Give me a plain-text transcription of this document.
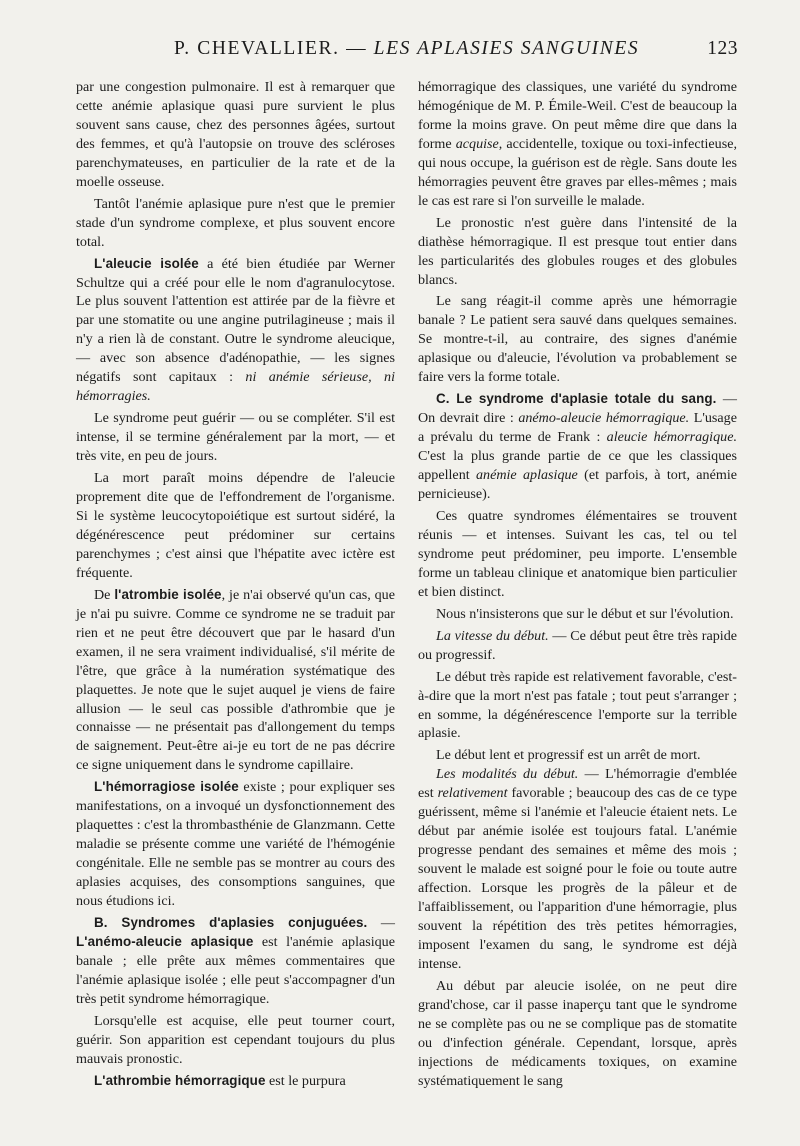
P. CHEVALLIER. — LES APLASIES SANGUINES	123

par une congestion pulmonaire. Il est à remarquer que cette anémie aplasique quasi pure survient le plus souvent sans cause, chez des personnes âgées, surtout des femmes, et qu'à l'autopsie on trouve des scléroses parenchymateuses, en particulier de la rate et de la moelle osseuse.

Tantôt l'anémie aplasique pure n'est que le premier stade d'un syndrome complexe, et plus souvent encore total.

L'aleucie isolée a été bien étudiée par Werner Schultze qui a créé pour elle le nom d'agranulocytose. Le plus souvent l'attention est attirée par de la fièvre et par une stomatite ou une angine putrilagineuse ; mais il n'y a rien là de constant. Outre le syndrome aleucique, — avec son absence d'adénopathie, — les signes négatifs sont capitaux : ni anémie sérieuse, ni hémorragies.

Le syndrome peut guérir — ou se compléter. S'il est intense, il se termine généralement par la mort, — et très vite, en peu de jours.

La mort paraît moins dépendre de l'aleucie proprement dite que de l'effondrement de l'organisme. Si le système leucocytopoiétique est surtout sidéré, la dégénérescence peut prédominer sur certains parenchymes ; c'est ainsi que l'hépatite avec ictère est fréquente.

De l'atrombie isolée, je n'ai observé qu'un cas, que je n'ai pu suivre. Comme ce syndrome ne se traduit par rien et ne peut être découvert que par le hasard d'un examen, il ne sera vraiment individualisé, s'il mérite de l'être, que grâce à la numération systématique des plaquettes. Je note que le sujet auquel je viens de faire allusion — le seul cas possible d'athrombie que je connaisse — ne présentait pas d'allongement du temps de saignement. Peut-être ai-je eu tort de ne pas décrire ce signe uniquement dans le syndrome capillaire.

L'hémorragiose isolée existe ; pour expliquer ses manifestations, on a invoqué un dysfonctionnement des plaquettes : c'est la thrombasthénie de Glanzmann. Cette maladie se présente comme une variété de l'hémogénie congénitale. Elle ne semble pas se montrer au cours des aplasies acquises, des consomptions sanguines, que nous étudions ici.

B. Syndromes d'aplasies conjuguées. — L'anémo-aleucie aplasique est l'anémie aplasique banale ; elle prête aux mêmes commentaires que l'anémie aplasique isolée ; elle peut s'accompagner d'un très petit syndrome hémorragique.

Lorsqu'elle est acquise, elle peut tourner court, guérir. Son apparition est cependant toujours du plus mauvais pronostic.

L'athrombie hémorragique est le purpura

hémorragique des classiques, une variété du syndrome hémogénique de M. P. Émile-Weil. C'est de beaucoup la forme la moins grave. On peut même dire que dans la forme acquise, accidentelle, toxique ou toxi-infectieuse, qui nous occupe, la guérison est de règle. Sans doute les hémorragies peuvent être graves par elles-mêmes ; mais le cas est rare si l'on surveille le malade.

Le pronostic n'est guère dans l'intensité de la diathèse hémorragique. Il est presque tout entier dans les particularités des globules rouges et des globules blancs.

Le sang réagit-il comme après une hémorragie banale ? Le patient sera sauvé dans quelques semaines. Se montre-t-il, au contraire, des signes d'anémie aplasique ou d'aleucie, l'évolution va probablement se faire vers la forme totale.

C. Le syndrome d'aplasie totale du sang. — On devrait dire : anémo-aleucie hémorragique. L'usage a prévalu du terme de Frank : aleucie hémorragique. C'est la plus grande partie de ce que les classiques appellent anémie aplasique (et parfois, à tort, anémie pernicieuse).

Ces quatre syndromes élémentaires se trouvent réunis — et intenses. Suivant les cas, tel ou tel syndrome peut prédominer, peu importe. L'ensemble forme un tableau clinique et anatomique bien particulier et bien distinct.

Nous n'insisterons que sur le début et sur l'évolution.

La vitesse du début. — Ce début peut être très rapide ou progressif.

Le début très rapide est relativement favorable, c'est-à-dire que la mort n'est pas fatale ; tout peut s'arranger ; en somme, la dégénérescence l'emporte sur la terrible aplasie.

Le début lent et progressif est un arrêt de mort.

Les modalités du début. — L'hémorragie d'emblée est relativement favorable ; beaucoup des cas de ce type guérissent, même si l'anémie et l'aleucie étaient nets. Le début par anémie isolée est toujours fatal. L'anémie progresse pendant des semaines et même des mois ; souvent le malade est soigné pour le foie ou toute autre affection. Lorsque les progrès de la pâleur et de l'affaiblissement, ou l'apparition d'une hémorragie, plus souvent la répétition des très petites hémorragies, imposent l'examen du sang, le syndrome est déjà intense.

Au début par aleucie isolée, on ne peut dire grand'chose, car il passe inaperçu tant que le syndrome ne se complète pas ou ne se complique pas de stomatite ou d'infection générale. Cependant, lorsque, après injections de médicaments toxiques, on examine systématiquement le sang
